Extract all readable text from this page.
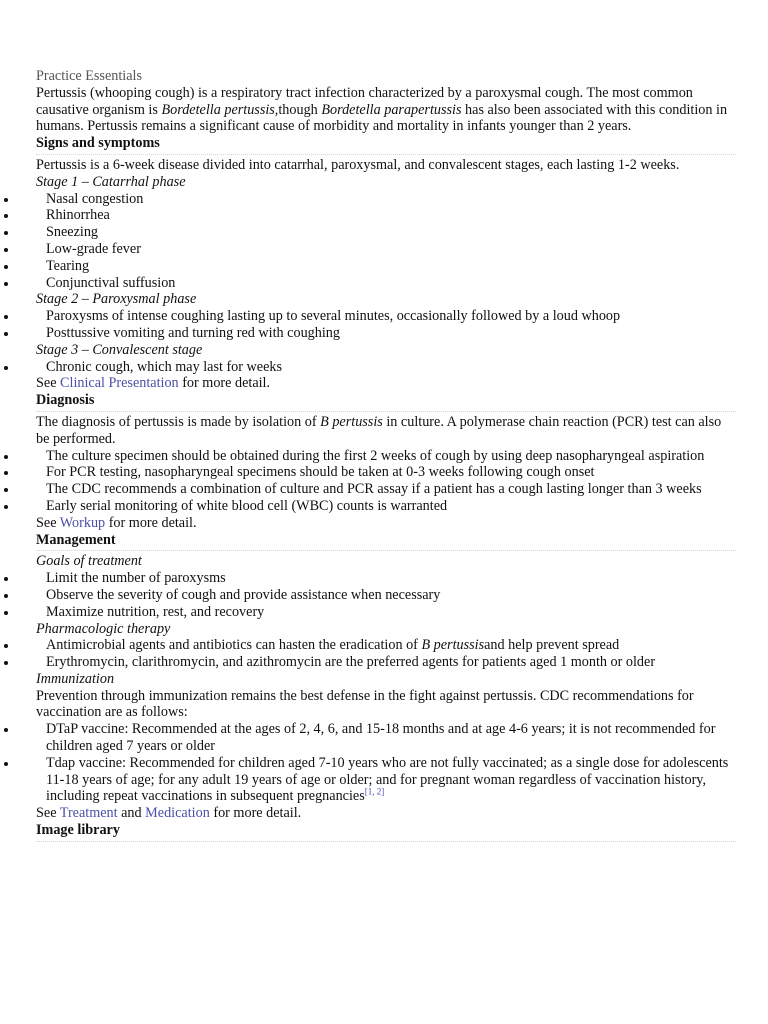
Practice Essentials

Pertussis (whooping cough) is a respiratory tract infection characterized by a paroxysmal cough. The most common causative organism is Bordetella pertussis,though Bordetella parapertussis has also been associated with this condition in humans. Pertussis remains a significant cause of morbidity and mortality in infants younger than 2 years.

Signs and symptoms

Pertussis is a 6-week disease divided into catarrhal, paroxysmal, and convalescent stages, each lasting 1-2 weeks.

Stage 1 – Catarrhal phase

Nasal congestion
Rhinorrhea
Sneezing
Low-grade fever
Tearing
Conjunctival suffusion

Stage 2 – Paroxysmal phase

Paroxysms of intense coughing lasting up to several minutes, occasionally followed by a loud whoop
Posttussive vomiting and turning red with coughing

Stage 3 – Convalescent stage

Chronic cough, which may last for weeks

See Clinical Presentation for more detail.

Diagnosis

The diagnosis of pertussis is made by isolation of B pertussis in culture. A polymerase chain reaction (PCR) test can also be performed.

The culture specimen should be obtained during the first 2 weeks of cough by using deep nasopharyngeal aspiration
For PCR testing, nasopharyngeal specimens should be taken at 0-3 weeks following cough onset
The CDC recommends a combination of culture and PCR assay if a patient has a cough lasting longer than 3 weeks
Early serial monitoring of white blood cell (WBC) counts is warranted

See Workup for more detail.

Management

Goals of treatment

Limit the number of paroxysms
Observe the severity of cough and provide assistance when necessary
Maximize nutrition, rest, and recovery

Pharmacologic therapy

Antimicrobial agents and antibiotics can hasten the eradication of B pertussisand help prevent spread
Erythromycin, clarithromycin, and azithromycin are the preferred agents for patients aged 1 month or older

Immunization

Prevention through immunization remains the best defense in the fight against pertussis. CDC recommendations for vaccination are as follows:

DTaP vaccine: Recommended at the ages of 2, 4, 6, and 15-18 months and at age 4-6 years; it is not recommended for children aged 7 years or older
Tdap vaccine: Recommended for children aged 7-10 years who are not fully vaccinated; as a single dose for adolescents 11-18 years of age; for any adult 19 years of age or older; and for pregnant woman regardless of vaccination history, including repeat vaccinations in subsequent pregnancies[1, 2]

See Treatment and Medication for more detail.

Image library
